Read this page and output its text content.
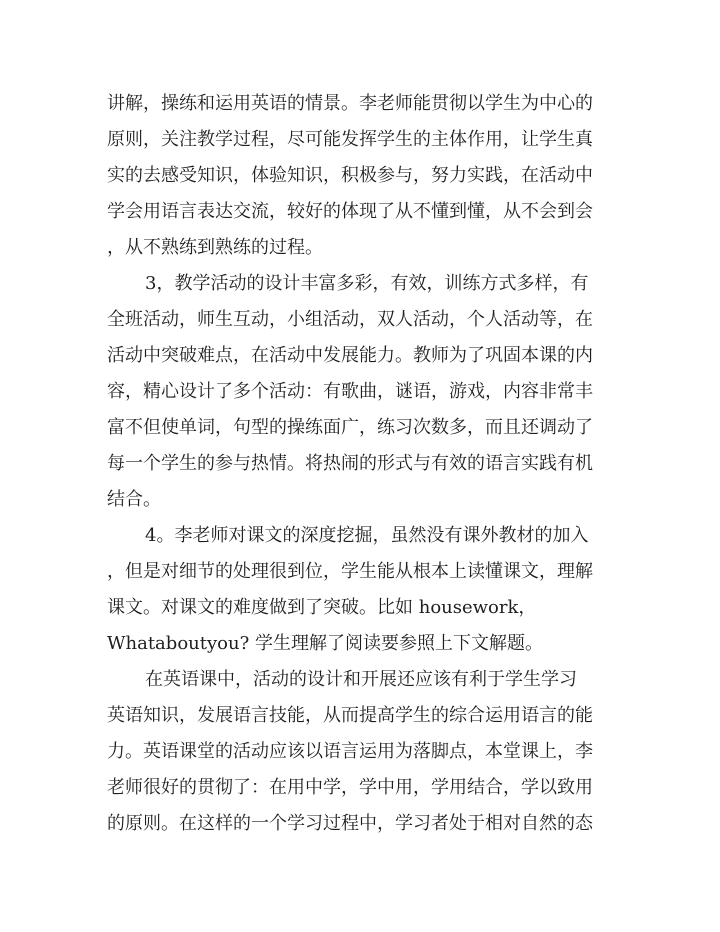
讲解，操练和运用英语的情景。李老师能贯彻以学生为中心的
原则，关注教学过程，尽可能发挥学生的主体作用，让学生真
实的去感受知识，体验知识，积极参与，努力实践，在活动中
学会用语言表达交流，较好的体现了从不懂到懂，从不会到会
，从不熟练到熟练的过程。
3，教学活动的设计丰富多彩，有效，训练方式多样，有
全班活动，师生互动，小组活动，双人活动，个人活动等，在
活动中突破难点，在活动中发展能力。教师为了巩固本课的内
容，精心设计了多个活动：有歌曲，谜语，游戏，内容非常丰
富不但使单词，句型的操练面广，练习次数多，而且还调动了
每一个学生的参与热情。将热闹的形式与有效的语言实践有机
结合。
4。李老师对课文的深度挖掘，虽然没有课外教材的加入
，但是对细节的处理很到位，学生能从根本上读懂课文，理解
课文。对课文的难度做到了突破。比如 housework，
Whataboutyou? 学生理解了阅读要参照上下文解题。
在英语课中，活动的设计和开展还应该有利于学生学习
英语知识，发展语言技能，从而提高学生的综合运用语言的能
力。英语课堂的活动应该以语言运用为落脚点，本堂课上，李
老师很好的贯彻了：在用中学，学中用，学用结合，学以致用
的原则。在这样的一个学习过程中，学习者处于相对自然的态
